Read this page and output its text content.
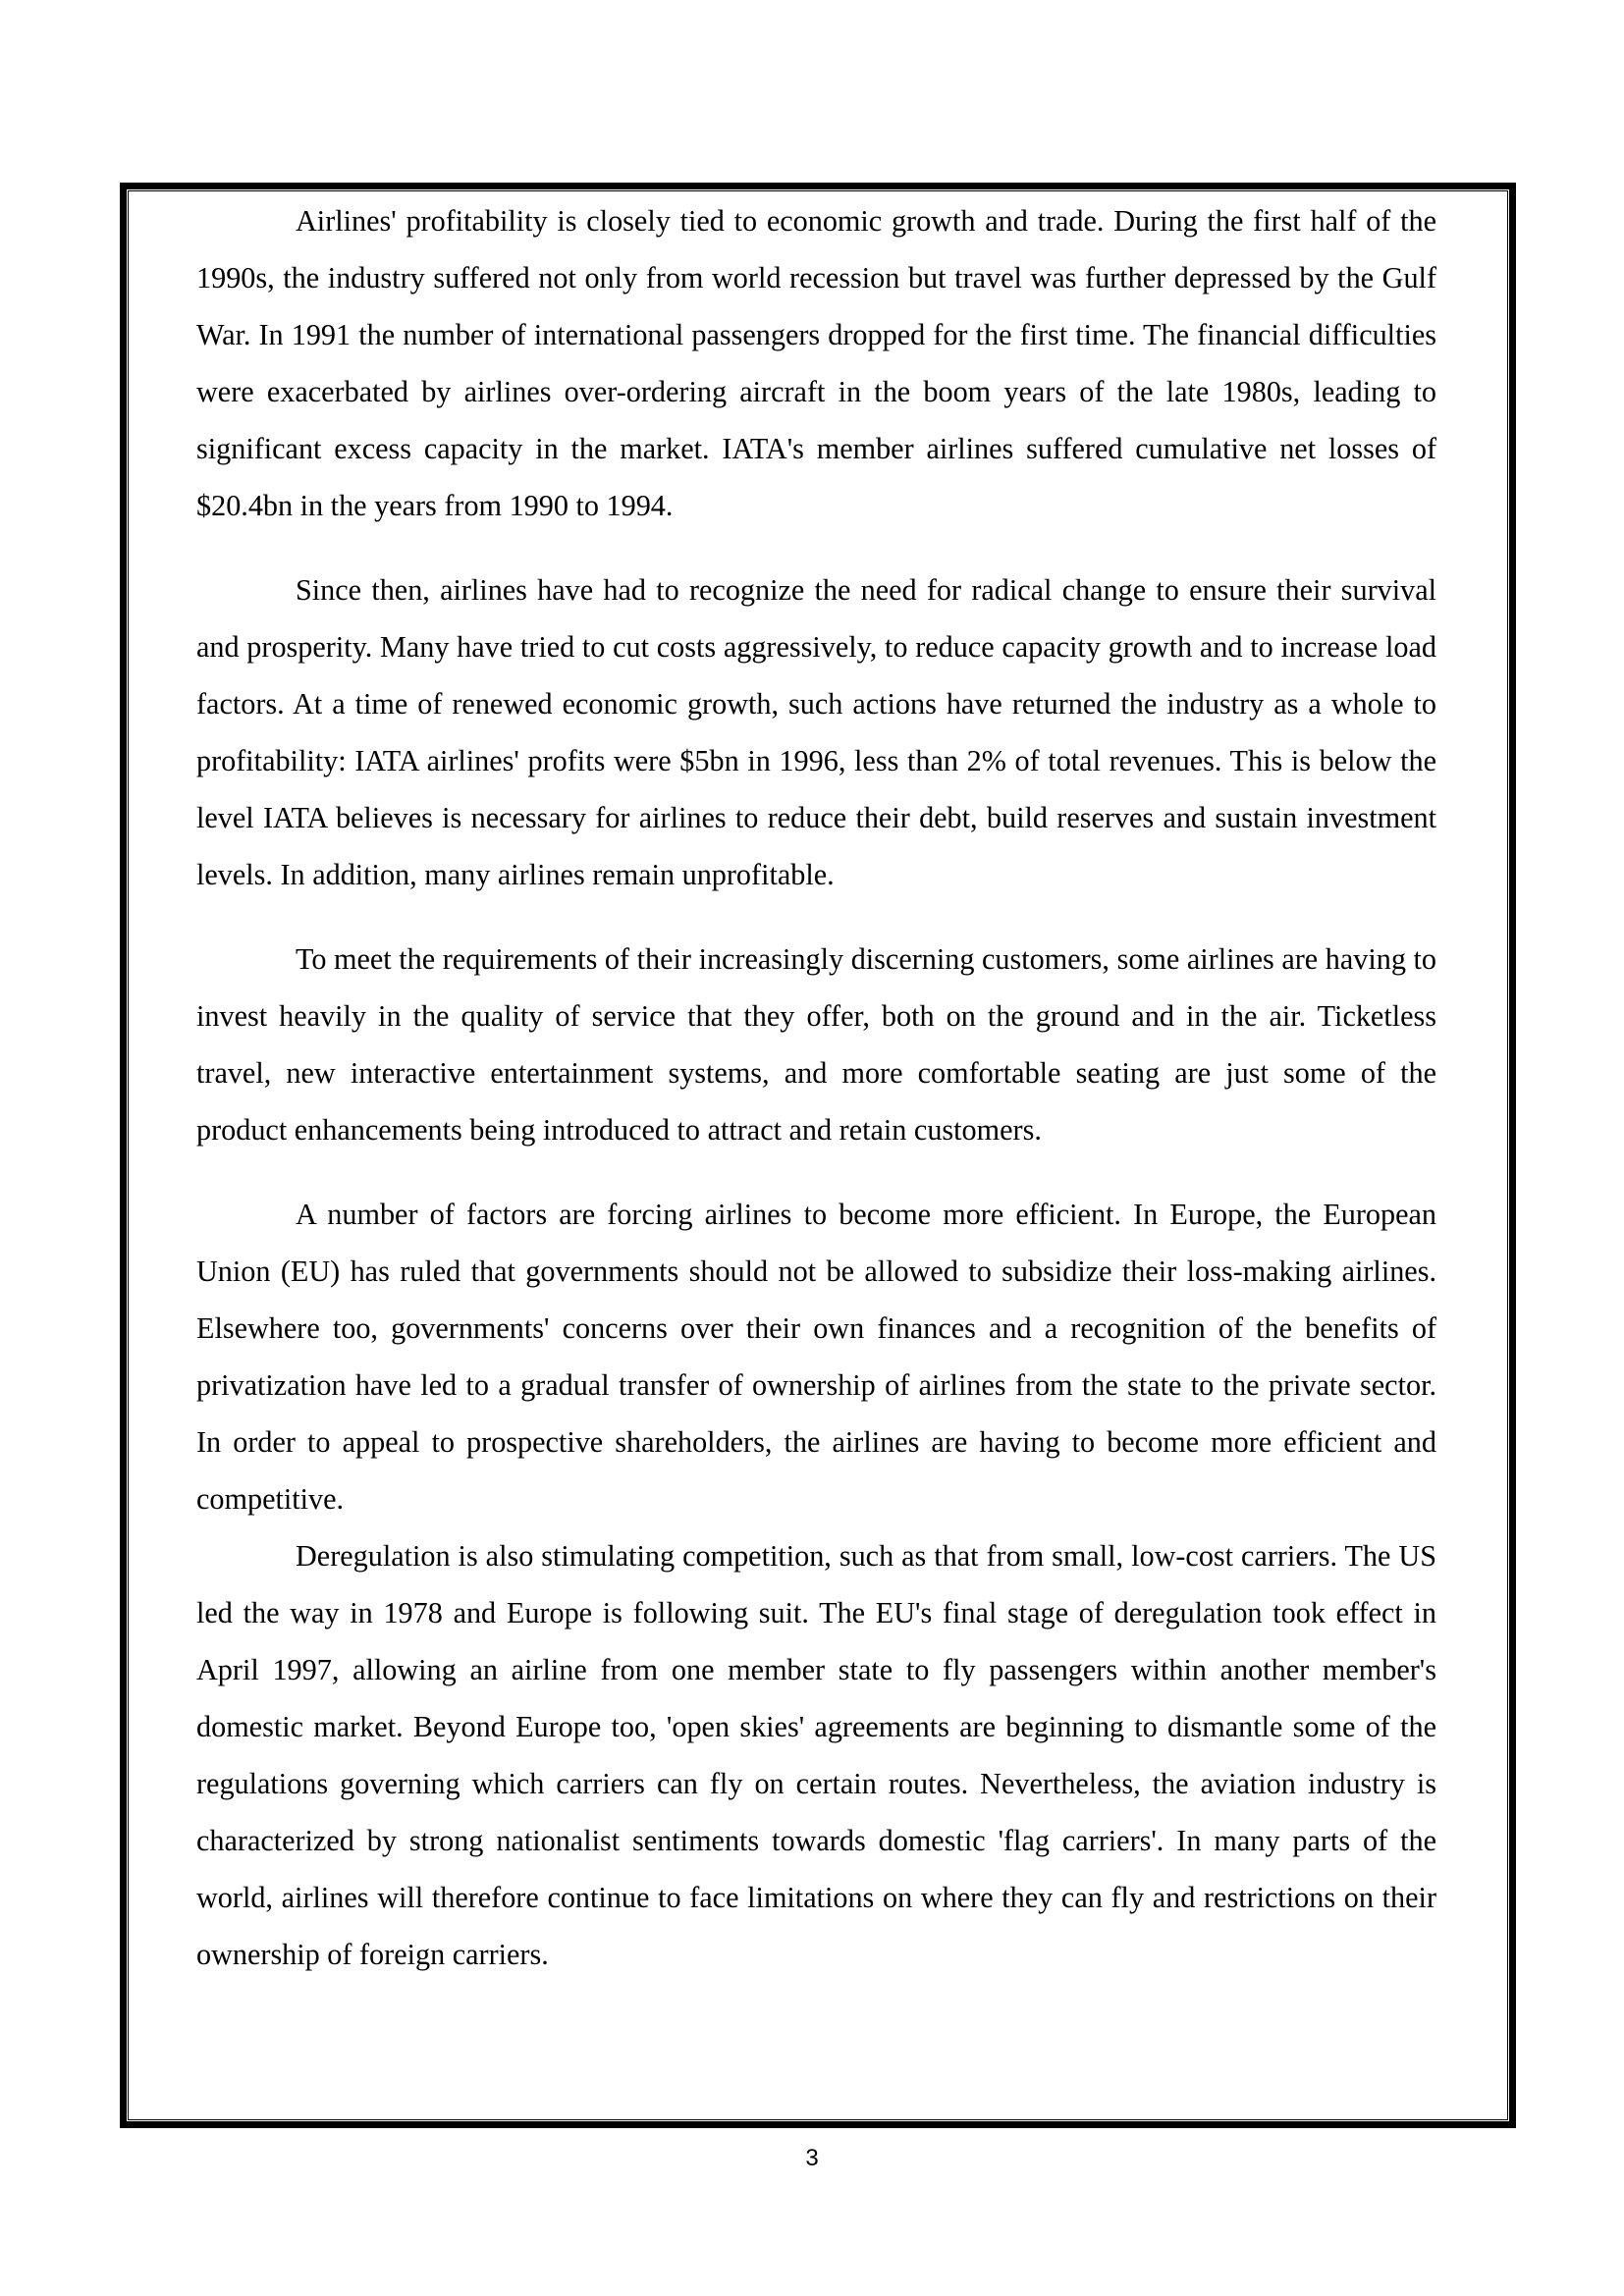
Airlines' profitability is closely tied to economic growth and trade. During the first half of the 1990s, the industry suffered not only from world recession but travel was further depressed by the Gulf War. In 1991 the number of international passengers dropped for the first time. The financial difficulties were exacerbated by airlines over-ordering aircraft in the boom years of the late 1980s, leading to significant excess capacity in the market. IATA's member airlines suffered cumulative net losses of $20.4bn in the years from 1990 to 1994.

Since then, airlines have had to recognize the need for radical change to ensure their survival and prosperity. Many have tried to cut costs aggressively, to reduce capacity growth and to increase load factors. At a time of renewed economic growth, such actions have returned the industry as a whole to profitability: IATA airlines' profits were $5bn in 1996, less than 2% of total revenues. This is below the level IATA believes is necessary for airlines to reduce their debt, build reserves and sustain investment levels. In addition, many airlines remain unprofitable.

To meet the requirements of their increasingly discerning customers, some airlines are having to invest heavily in the quality of service that they offer, both on the ground and in the air. Ticketless travel, new interactive entertainment systems, and more comfortable seating are just some of the product enhancements being introduced to attract and retain customers.

A number of factors are forcing airlines to become more efficient. In Europe, the European Union (EU) has ruled that governments should not be allowed to subsidize their loss-making airlines. Elsewhere too, governments' concerns over their own finances and a recognition of the benefits of privatization have led to a gradual transfer of ownership of airlines from the state to the private sector. In order to appeal to prospective shareholders, the airlines are having to become more efficient and competitive.

Deregulation is also stimulating competition, such as that from small, low-cost carriers. The US led the way in 1978 and Europe is following suit. The EU's final stage of deregulation took effect in April 1997, allowing an airline from one member state to fly passengers within another member's domestic market. Beyond Europe too, 'open skies' agreements are beginning to dismantle some of the regulations governing which carriers can fly on certain routes. Nevertheless, the aviation industry is characterized by strong nationalist sentiments towards domestic 'flag carriers'. In many parts of the world, airlines will therefore continue to face limitations on where they can fly and restrictions on their ownership of foreign carriers.

3
